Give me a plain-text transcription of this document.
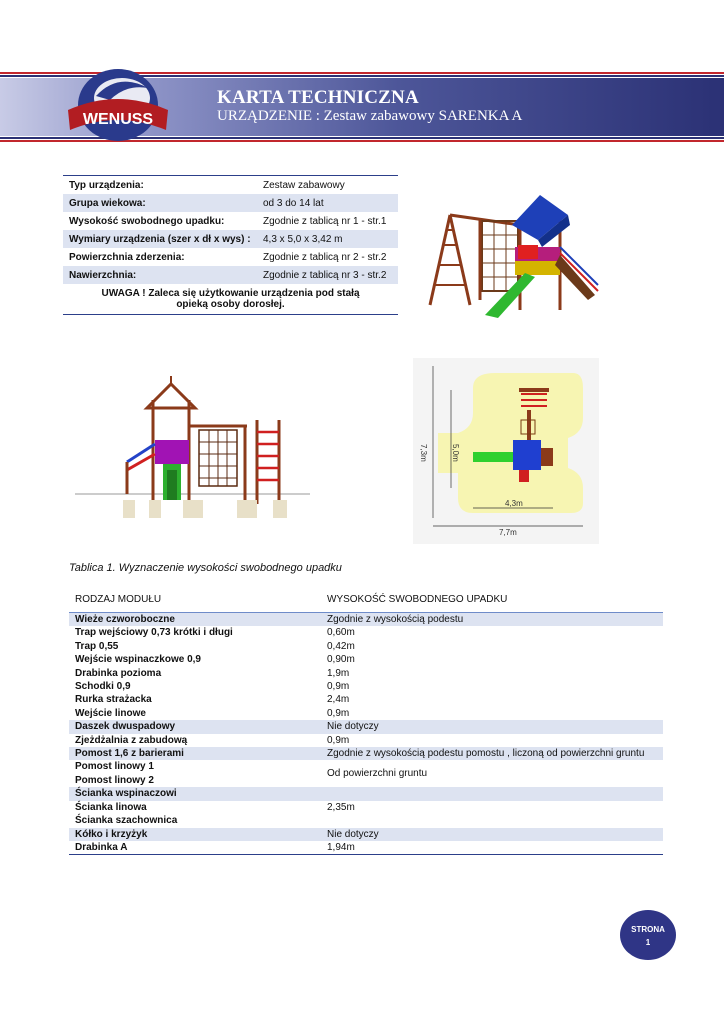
WENUSS
KARTA TECHNICZNA
URZĄDZENIE : Zestaw zabawowy SARENKA A
Typ urządzenia:	Zestaw zabawowy
Grupa wiekowa:	od 3 do 14 lat
Wysokość swobodnego upadku:	Zgodnie z tablicą nr 1 - str.1
Wymiary urządzenia (szer x dł x wys) :	4,3 x 5,0 x 3,42 m
Powierzchnia zderzenia:	Zgodnie z tablicą nr 2 - str.2
Nawierzchnia:	Zgodnie z tablicą nr 3 - str.2
UWAGA ! Zaleca się użytkowanie urządzenia pod stałą
opieką osoby dorosłej.	
7,3m	5,0m
4,3m
7,7m
Tablica 1. Wyznaczenie wysokości swobodnego upadku
RODZAJ MODUŁU	WYSOKOŚĆ SWOBODNEGO UPADKU
Wieże czworoboczne	Zgodnie z wysokością podestu
Trap wejściowy 0,73 krótki i długi	0,60m
Trap 0,55	0,42m
Wejście wspinaczkowe 0,9	0,90m
Drabinka pozioma	1,9m
Schodki 0,9	0,9m
Rurka strażacka	2,4m
Wejście linowe	0,9m
Daszek dwuspadowy	Nie dotyczy
Zjeżdżalnia z zabudową	0,9m
Pomost 1,6 z barierami	Zgodnie z wysokością podestu pomostu , liczoną od powierzchni gruntu
Pomost linowy 1	Od powierzchni gruntu
Pomost linowy 2	
Ścianka wspinaczowi	
Ścianka linowa	2,35m
Ścianka szachownica	
Kółko i krzyżyk	Nie dotyczy
Drabinka A	1,94m
STRONA
1
